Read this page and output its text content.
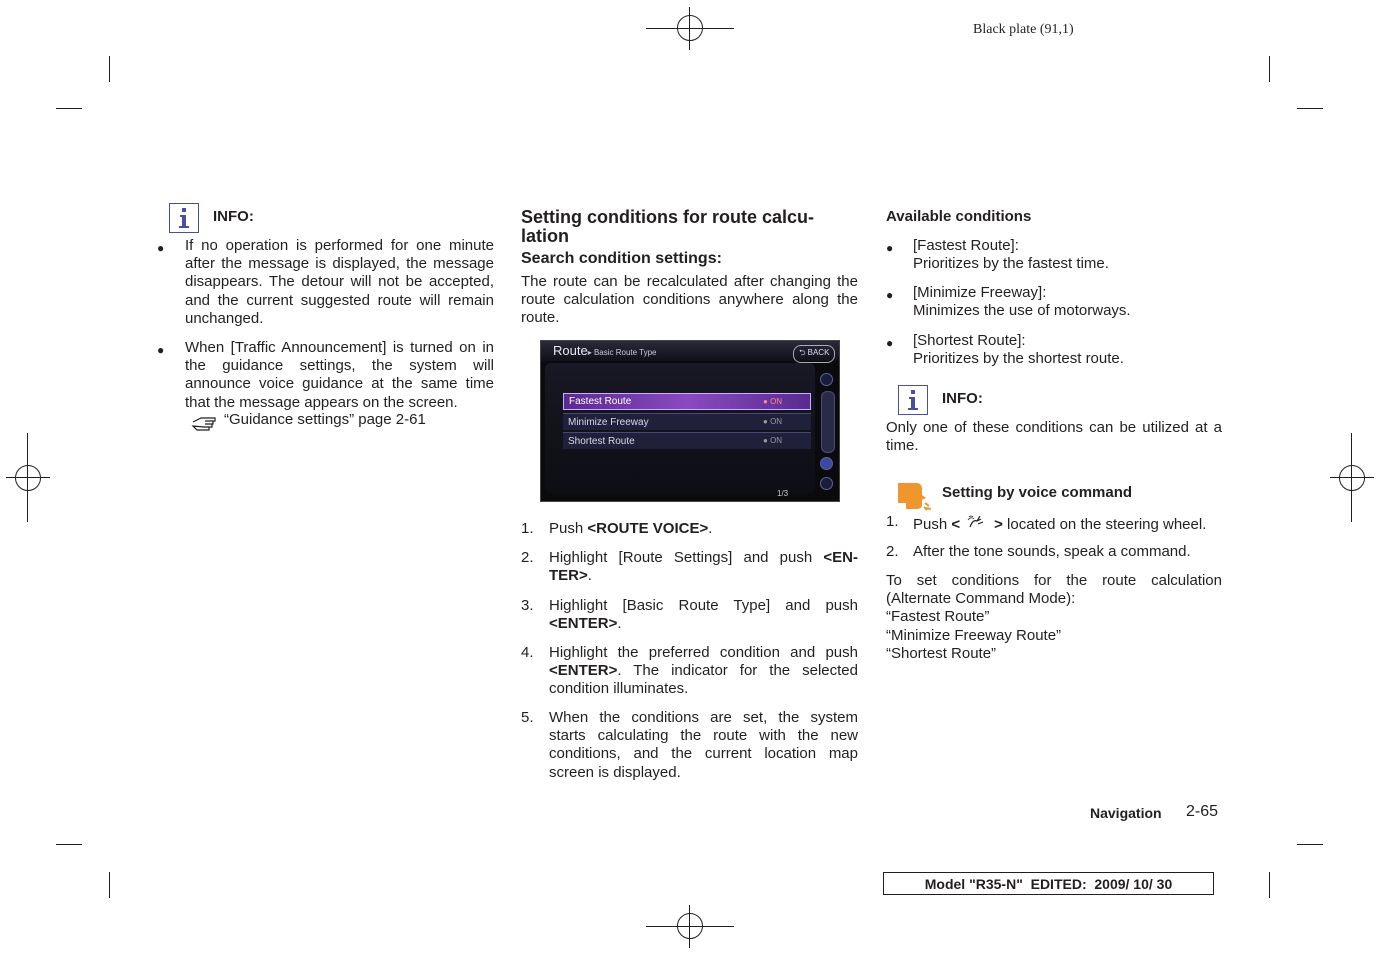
Black plate (91,1)
INFO:
● If no operation is performed for one minute
after the message is displayed, the message
disappears. The detour will not be accepted,
and the current suggested route will remain
unchanged.
● When [Traffic Announcement] is turned on in
the guidance settings, the system will
announce voice guidance at the same time
that the message appears on the screen.
“Guidance settings” page 2-61
Setting conditions for route calcu-
lation
Search condition settings:
The route can be recalculated after changing the
route calculation conditions anywhere along the
route.
Route▸ Basic Route Type	⮌ BACK
Fastest Route	● ON
Minimize Freeway	● ON
Shortest Route	● ON
1/3
1. Push <ROUTE VOICE>.
2. Highlight [Route Settings] and push <EN-
TER>.
3. Highlight [Basic Route Type] and push
<ENTER>.
4. Highlight the preferred condition and push
<ENTER>. The indicator for the selected
condition illuminates.
5. When the conditions are set, the system
starts calculating the route with the new
conditions, and the current location map
screen is displayed.
Available conditions
● [Fastest Route]:
Prioritizes by the fastest time.
● [Minimize Freeway]:
Minimizes the use of motorways.
● [Shortest Route]:
Prioritizes by the shortest route.
INFO:
Only one of these conditions can be utilized at a
time.
Setting by voice command
1. Push < > located on the steering wheel.
2. After the tone sounds, speak a command.
To set conditions for the route calculation
(Alternate Command Mode):
“Fastest Route”
“Minimize Freeway Route”
“Shortest Route”
Navigation 2-65
Model " R35-N "  EDITED:  2009/ 10/ 30
